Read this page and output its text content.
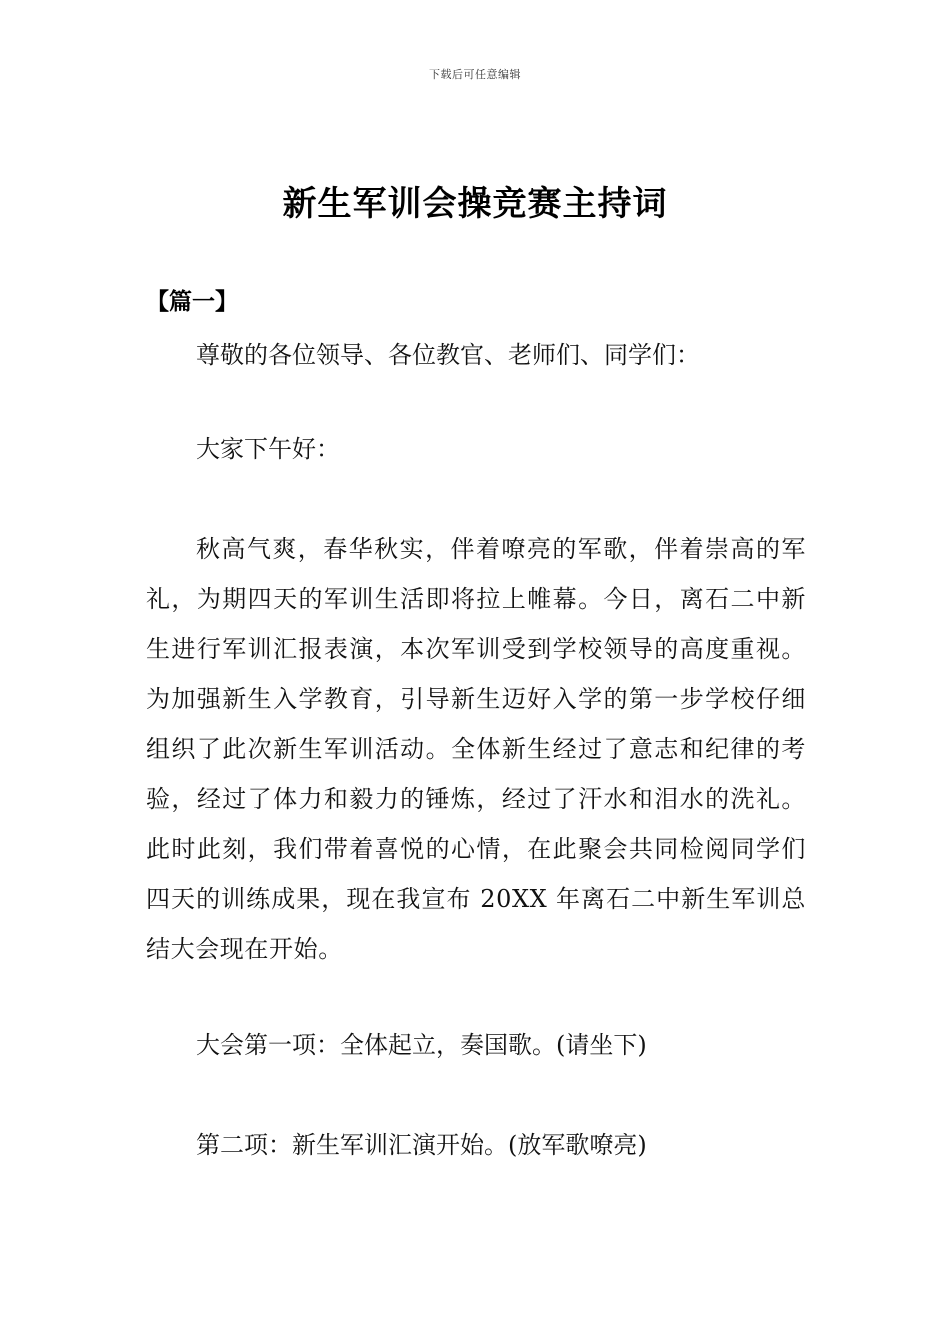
下载后可任意编辑
新生军训会操竞赛主持词
【篇一】

尊敬的各位领导、各位教官、老师们、同学们：

大家下午好：

秋高气爽，春华秋实，伴着嘹亮的军歌，伴着崇高的军礼，为期四天的军训生活即将拉上帷幕。今日，离石二中新生进行军训汇报表演，本次军训受到学校领导的高度重视。为加强新生入学教育，引导新生迈好入学的第一步学校仔细组织了此次新生军训活动。全体新生经过了意志和纪律的考验，经过了体力和毅力的锤炼，经过了汗水和泪水的洗礼。此时此刻，我们带着喜悦的心情，在此聚会共同检阅同学们四天的训练成果，现在我宣布 20XX 年离石二中新生军训总结大会现在开始。

大会第一项：全体起立，奏国歌。(请坐下)

第二项：新生军训汇演开始。(放军歌嘹亮)
